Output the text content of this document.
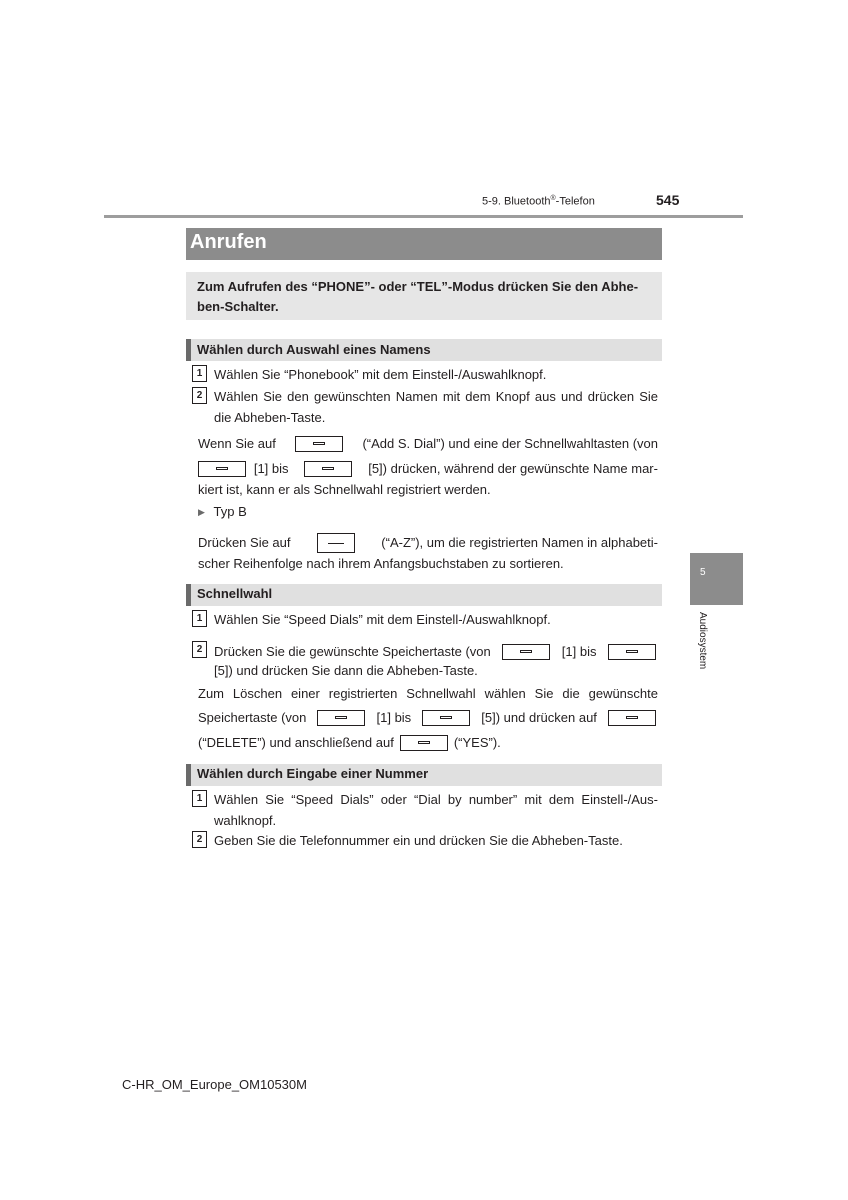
5-9. Bluetooth®-Telefon	545
Anrufen
Zum Aufrufen des “PHONE”- oder “TEL”-Modus drücken Sie den Abhe-ben-Schalter.
Wählen durch Auswahl eines Namens
1 Wählen Sie “Phonebook” mit dem Einstell-/Auswahlknopf.
2 Wählen Sie den gewünschten Namen mit dem Knopf aus und drücken Sie
die Abheben-Taste.
Wenn Sie auf	(“Add S. Dial”) und eine der Schnellwahltasten (von
[1] bis	[5]) drücken, während der gewünschte Name mar-
kiert ist, kann er als Schnellwahl registriert werden.
▶ Typ B
Drücken Sie auf	(“A-Z”), um die registrierten Namen in alphabeti-
scher Reihenfolge nach ihrem Anfangsbuchstaben zu sortieren.
Schnellwahl
1 Wählen Sie “Speed Dials” mit dem Einstell-/Auswahlknopf.
2 Drücken Sie die gewünschte Speichertaste (von	[1] bis
[5]) und drücken Sie dann die Abheben-Taste.
Zum Löschen einer registrierten Schnellwahl wählen Sie die gewünschte
Speichertaste (von	[1] bis	[5]) und drücken auf
(“DELETE”) und anschließend auf	(“YES”).
Wählen durch Eingabe einer Nummer
1 Wählen Sie “Speed Dials” oder “Dial by number” mit dem Einstell-/Aus-
wahlknopf.
2 Geben Sie die Telefonnummer ein und drücken Sie die Abheben-Taste.
5
Audiosystem
C-HR_OM_Europe_OM10530M
